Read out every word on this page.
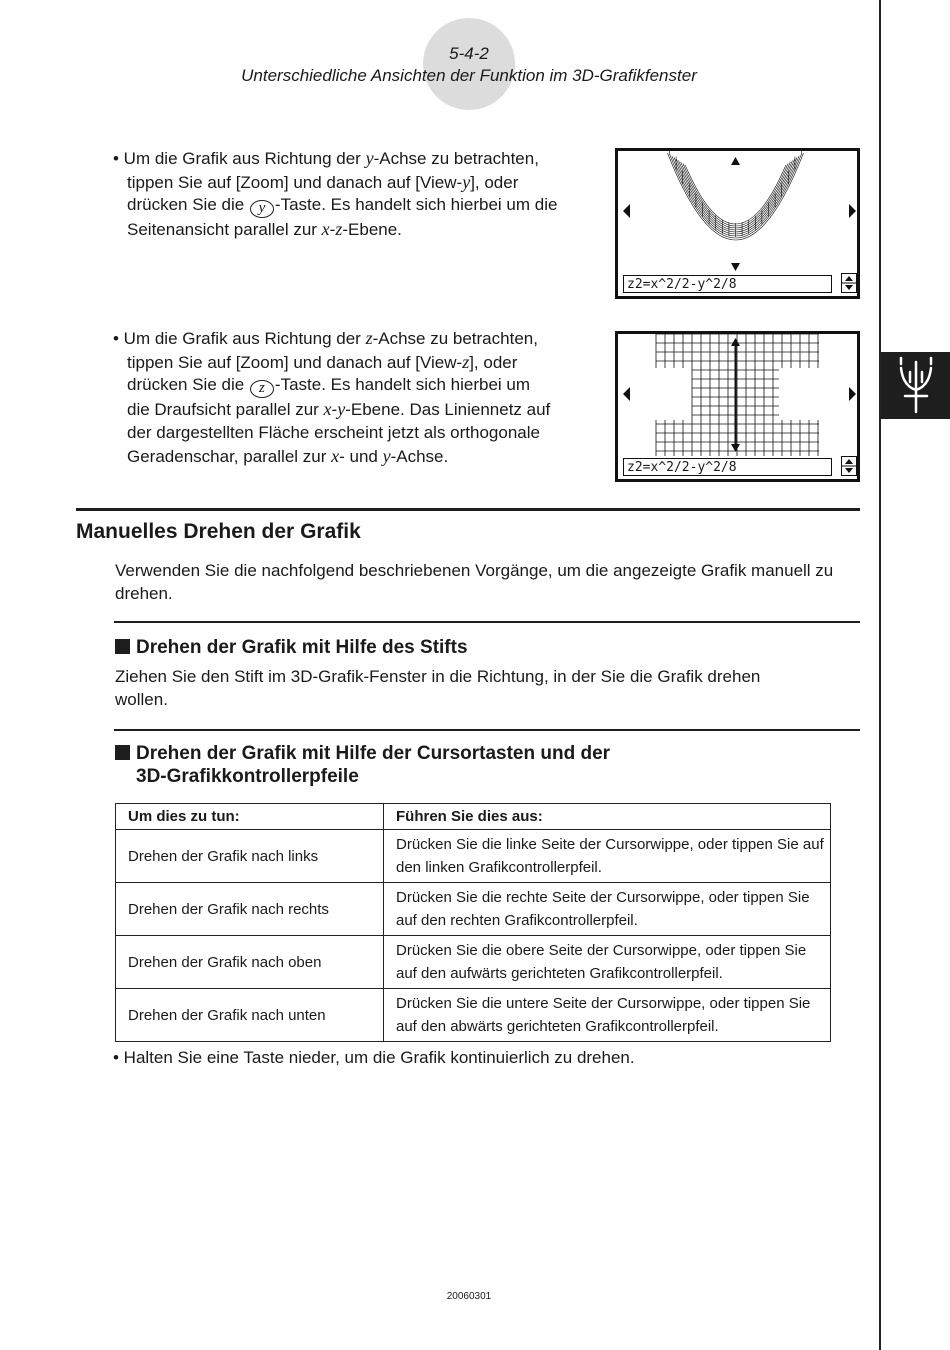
5-4-2
Unterschiedliche Ansichten der Funktion im 3D-Grafikfenster
• Um die Grafik aus Richtung der y-Achse zu betrachten,
tippen Sie auf [Zoom] und danach auf [View-y], oder
drücken Sie die y -Taste. Es handelt sich hierbei um die
Seitenansicht parallel zur x-z-Ebene.
z2=x^2/2-y^2/8
• Um die Grafik aus Richtung der z-Achse zu betrachten,
tippen Sie auf [Zoom] und danach auf [View-z], oder
drücken Sie die z -Taste. Es handelt sich hierbei um
die Draufsicht parallel zur x-y-Ebene. Das Liniennetz auf
der dargestellten Fläche erscheint jetzt als orthogonale
Geradenschar, parallel zur x- und y-Achse.
z2=x^2/2-y^2/8
Manuelles Drehen der Grafik
Verwenden Sie die nachfolgend beschriebenen Vorgänge, um die angezeigte Grafik manuell zu drehen.
Drehen der Grafik mit Hilfe des Stifts
Ziehen Sie den Stift im 3D-Grafik-Fenster in die Richtung, in der Sie die Grafik drehen wollen.
Drehen der Grafik mit Hilfe der Cursortasten und der
3D-Grafikkontrollerpfeile
Um dies zu tun:	Führen Sie dies aus:
Drehen der Grafik nach links	Drücken Sie die linke Seite der Cursorwippe, oder tippen Sie auf den linken Grafikcontrollerpfeil.
Drehen der Grafik nach rechts	Drücken Sie die rechte Seite der Cursorwippe, oder tippen Sie auf den rechten Grafikcontrollerpfeil.
Drehen der Grafik nach oben	Drücken Sie die obere Seite der Cursorwippe, oder tippen Sie auf den aufwärts gerichteten Grafikcontrollerpfeil.
Drehen der Grafik nach unten	Drücken Sie die untere Seite der Cursorwippe, oder tippen Sie auf den abwärts gerichteten Grafikcontrollerpfeil.
• Halten Sie eine Taste nieder, um die Grafik kontinuierlich zu drehen.
20060301
